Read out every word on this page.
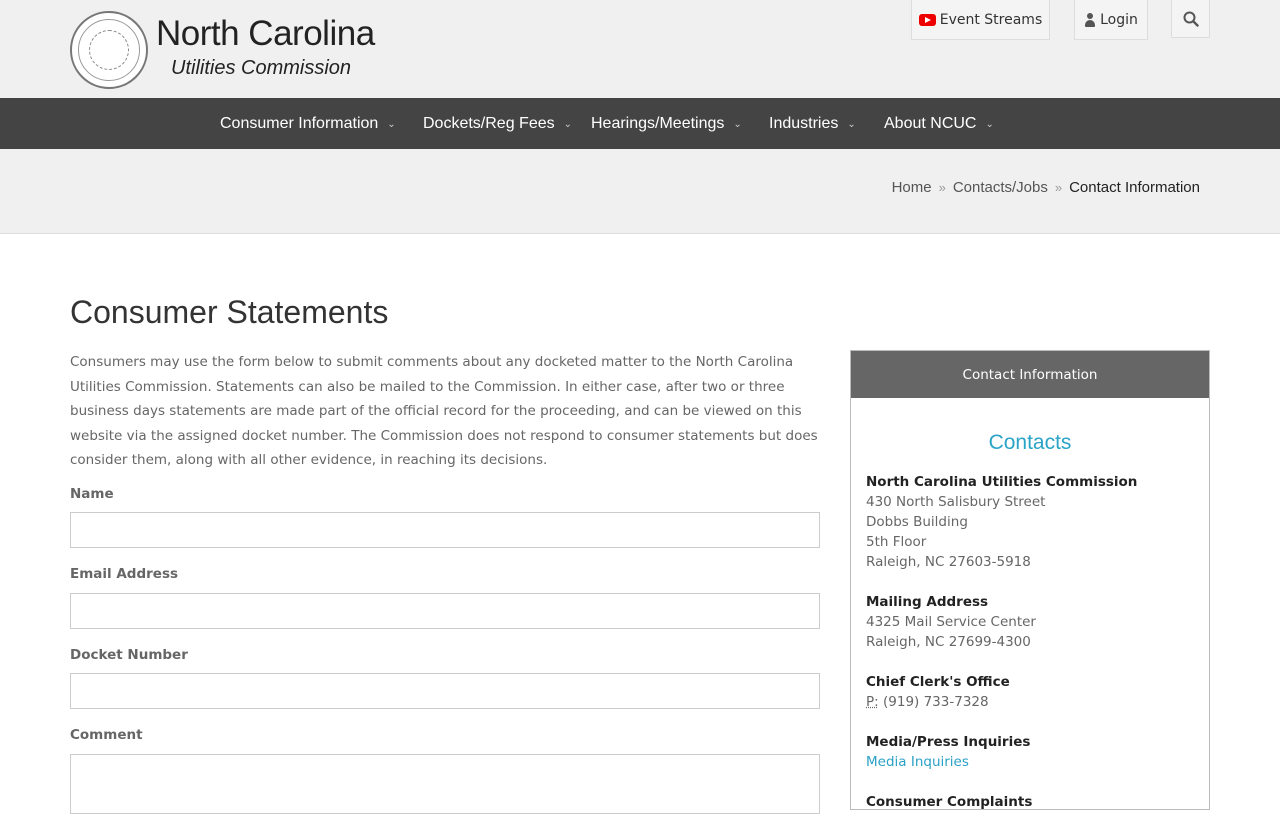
North Carolina
Utilities Commission
Event Streams	Login
Consumer Information ⌄ Dockets/Reg Fees ⌄ Hearings/Meetings ⌄ Industries ⌄ About NCUC ⌄
Home » Contacts/Jobs » Contact Information
Consumer Statements

Consumers may use the form below to submit comments about any docketed matter to the North Carolina Utilities Commission. Statements can also be mailed to the Commission. In either case, after two or three business days statements are made part of the official record for the proceeding, and can be viewed on this website via the assigned docket number. The Commission does not respond to consumer statements but does consider them, along with all other evidence, in reaching its decisions.

Name
Email Address
Docket Number
Comment
Contact Information
Contacts
North Carolina Utilities Commission
430 North Salisbury Street
Dobbs Building
5th Floor
Raleigh, NC 27603-5918
Mailing Address
4325 Mail Service Center
Raleigh, NC 27699-4300
Chief Clerk's Office
P: (919) 733-7328
Media/Press Inquiries
Media Inquiries
Consumer Complaints
